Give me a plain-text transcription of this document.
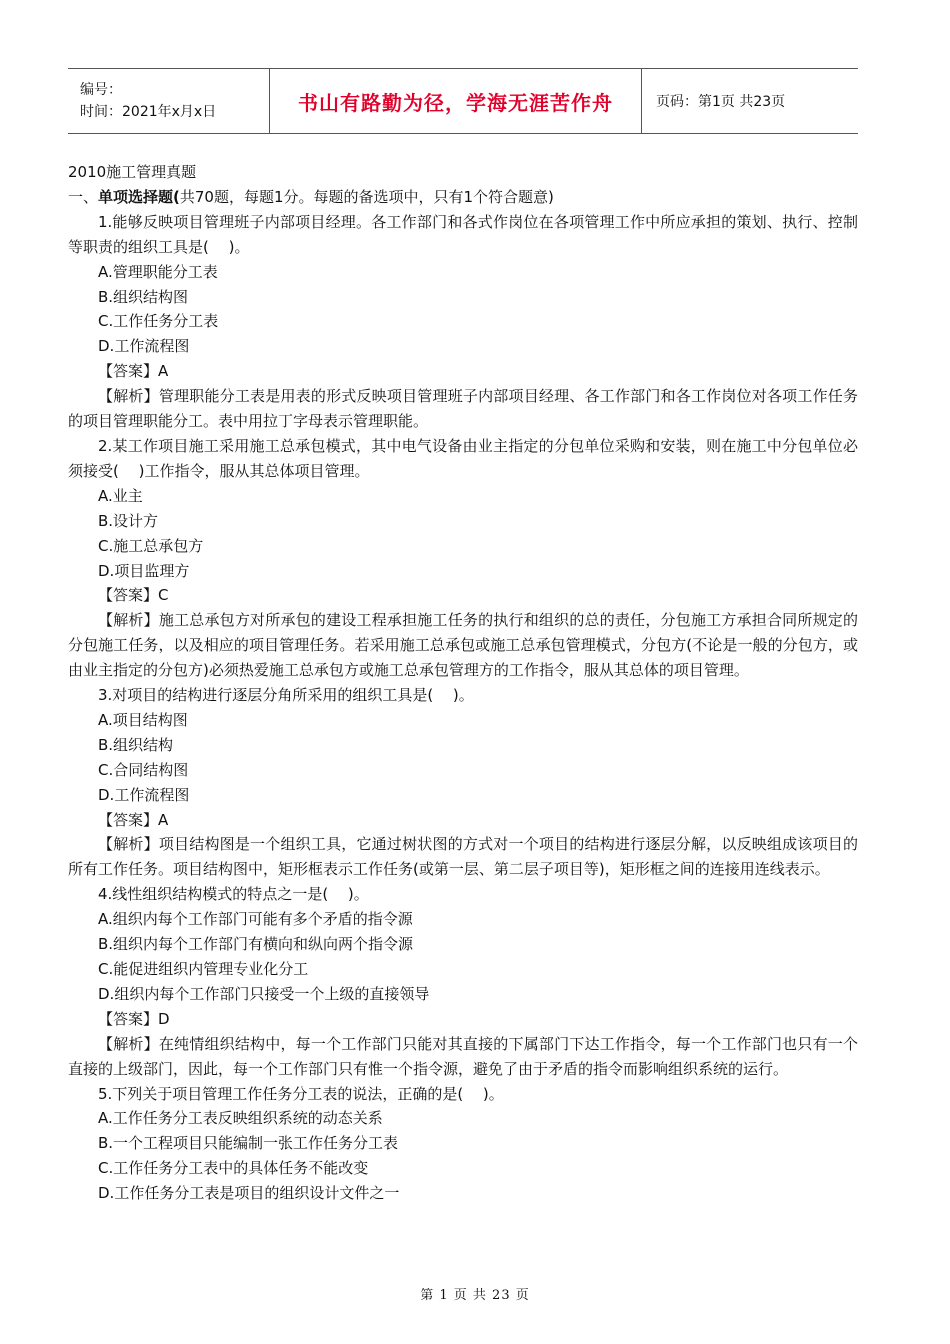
编号：
时间：2021年x月x日	书山有路勤为径，学海无涯苦作舟	页码：第1页 共23页

2010施工管理真题

一、单项选择题(共70题，每题1分。每题的备选项中，只有1个符合题意)

1.能够反映项目管理班子内部项目经理。各工作部门和各式作岗位在各项管理工作中所应承担的策划、执行、控制等职责的组织工具是(　 )。

A.管理职能分工表

B.组织结构图

C.工作任务分工表

D.工作流程图

【答案】A

【解析】管理职能分工表是用表的形式反映项目管理班子内部项目经理、各工作部门和各工作岗位对各项工作任务的项目管理职能分工。表中用拉丁字母表示管理职能。

2.某工作项目施工采用施工总承包模式，其中电气设备由业主指定的分包单位采购和安装，则在施工中分包单位必须接受(　 )工作指令，服从其总体项目管理。

A.业主

B.设计方

C.施工总承包方

D.项目监理方

【答案】C

【解析】施工总承包方对所承包的建设工程承担施工任务的执行和组织的总的责任，分包施工方承担合同所规定的分包施工任务，以及相应的项目管理任务。若采用施工总承包或施工总承包管理模式，分包方(不论是一般的分包方，或由业主指定的分包方)必须热爱施工总承包方或施工总承包管理方的工作指令，服从其总体的项目管理。

3.对项目的结构进行逐层分角所采用的组织工具是(　 )。

A.项目结构图

B.组织结构

C.合同结构图

D.工作流程图

【答案】A

【解析】项目结构图是一个组织工具，它通过树状图的方式对一个项目的结构进行逐层分解，以反映组成该项目的所有工作任务。项目结构图中，矩形框表示工作任务(或第一层、第二层子项目等)，矩形框之间的连接用连线表示。

4.线性组织结构模式的特点之一是(　 )。

A.组织内每个工作部门可能有多个矛盾的指令源

B.组织内每个工作部门有横向和纵向两个指令源

C.能促进组织内管理专业化分工

D.组织内每个工作部门只接受一个上级的直接领导

【答案】D

【解析】在纯情组织结构中，每一个工作部门只能对其直接的下属部门下达工作指令，每一个工作部门也只有一个直接的上级部门，因此，每一个工作部门只有惟一个指令源，避免了由于矛盾的指令而影响组织系统的运行。

5.下列关于项目管理工作任务分工表的说法，正确的是(　 )。

A.工作任务分工表反映组织系统的动态关系

B.一个工程项目只能编制一张工作任务分工表

C.工作任务分工表中的具体任务不能改变

D.工作任务分工表是项目的组织设计文件之一

第 1 页 共 23 页
